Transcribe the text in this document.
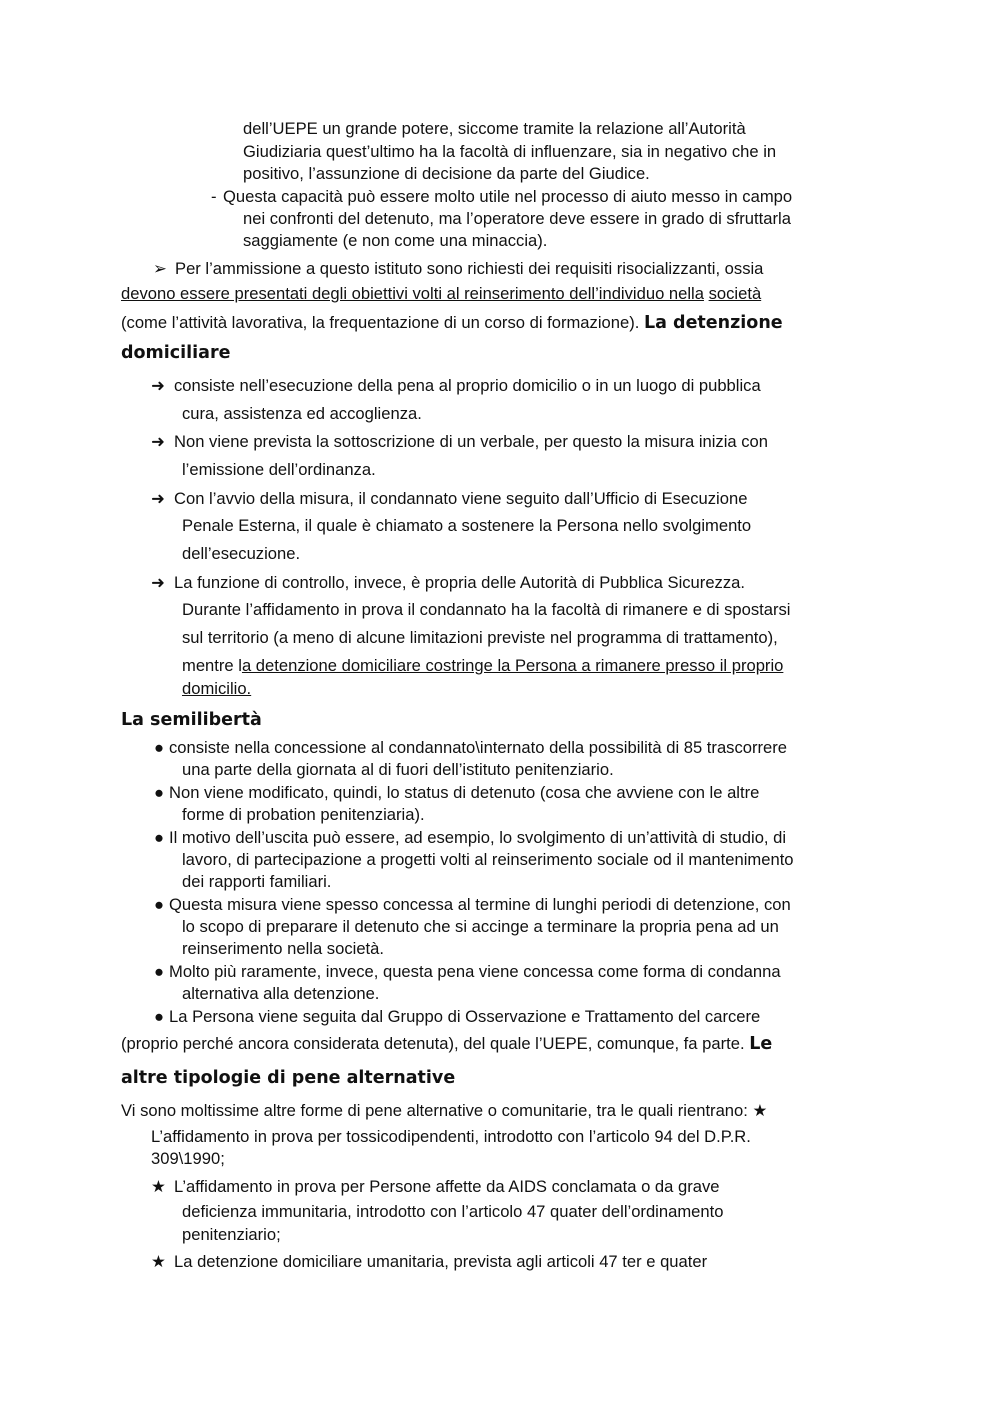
dell’UEPE un grande potere, siccome tramite la relazione all’Autorità
Giudiziaria quest’ultimo ha la facoltà di influenzare, sia in negativo che in
positivo, l’assunzione di decisione da parte del Giudice.
- Questa capacità può essere molto utile nel processo di aiuto messo in campo
nei confronti del detenuto, ma l’operatore deve essere in grado di sfruttarla
saggiamente (e non come una minaccia).
➢ Per l’ammissione a questo istituto sono richiesti dei requisiti risocializzanti, ossia
devono essere presentati degli obiettivi volti al reinserimento dell’individuo nella società
(come l’attività lavorativa, la frequentazione di un corso di formazione). La detenzione
domiciliare
➜ consiste nell’esecuzione della pena al proprio domicilio o in un luogo di pubblica
cura, assistenza ed accoglienza.
➜ Non viene prevista la sottoscrizione di un verbale, per questo la misura inizia con
l’emissione dell’ordinanza.
➜ Con l’avvio della misura, il condannato viene seguito dall’Ufficio di Esecuzione
Penale Esterna, il quale è chiamato a sostenere la Persona nello svolgimento
dell’esecuzione.
➜ La funzione di controllo, invece, è propria delle Autorità di Pubblica Sicurezza.
Durante l’affidamento in prova il condannato ha la facoltà di rimanere e di spostarsi
sul territorio (a meno di alcune limitazioni previste nel programma di trattamento),
mentre la detenzione domiciliare costringe la Persona a rimanere presso il proprio
domicilio.
La semilibertà
● consiste nella concessione al condannato\internato della possibilità di 85 trascorrere
una parte della giornata al di fuori dell’istituto penitenziario.
● Non viene modificato, quindi, lo status di detenuto (cosa che avviene con le altre
forme di probation penitenziaria).
● Il motivo dell’uscita può essere, ad esempio, lo svolgimento di un’attività di studio, di
lavoro, di partecipazione a progetti volti al reinserimento sociale od il mantenimento
dei rapporti familiari.
● Questa misura viene spesso concessa al termine di lunghi periodi di detenzione, con
lo scopo di preparare il detenuto che si accinge a terminare la propria pena ad un
reinserimento nella società.
● Molto più raramente, invece, questa pena viene concessa come forma di condanna
alternativa alla detenzione.
● La Persona viene seguita dal Gruppo di Osservazione e Trattamento del carcere
(proprio perché ancora considerata detenuta), del quale l’UEPE, comunque, fa parte. Le
altre tipologie di pene alternative
Vi sono moltissime altre forme di pene alternative o comunitarie, tra le quali rientrano: ★
L’affidamento in prova per tossicodipendenti, introdotto con l’articolo 94 del D.P.R.
309\1990;
★ L’affidamento in prova per Persone affette da AIDS conclamata o da grave
deficienza immunitaria, introdotto con l’articolo 47 quater dell’ordinamento
penitenziario;
★ La detenzione domiciliare umanitaria, prevista agli articoli 47 ter e quater
